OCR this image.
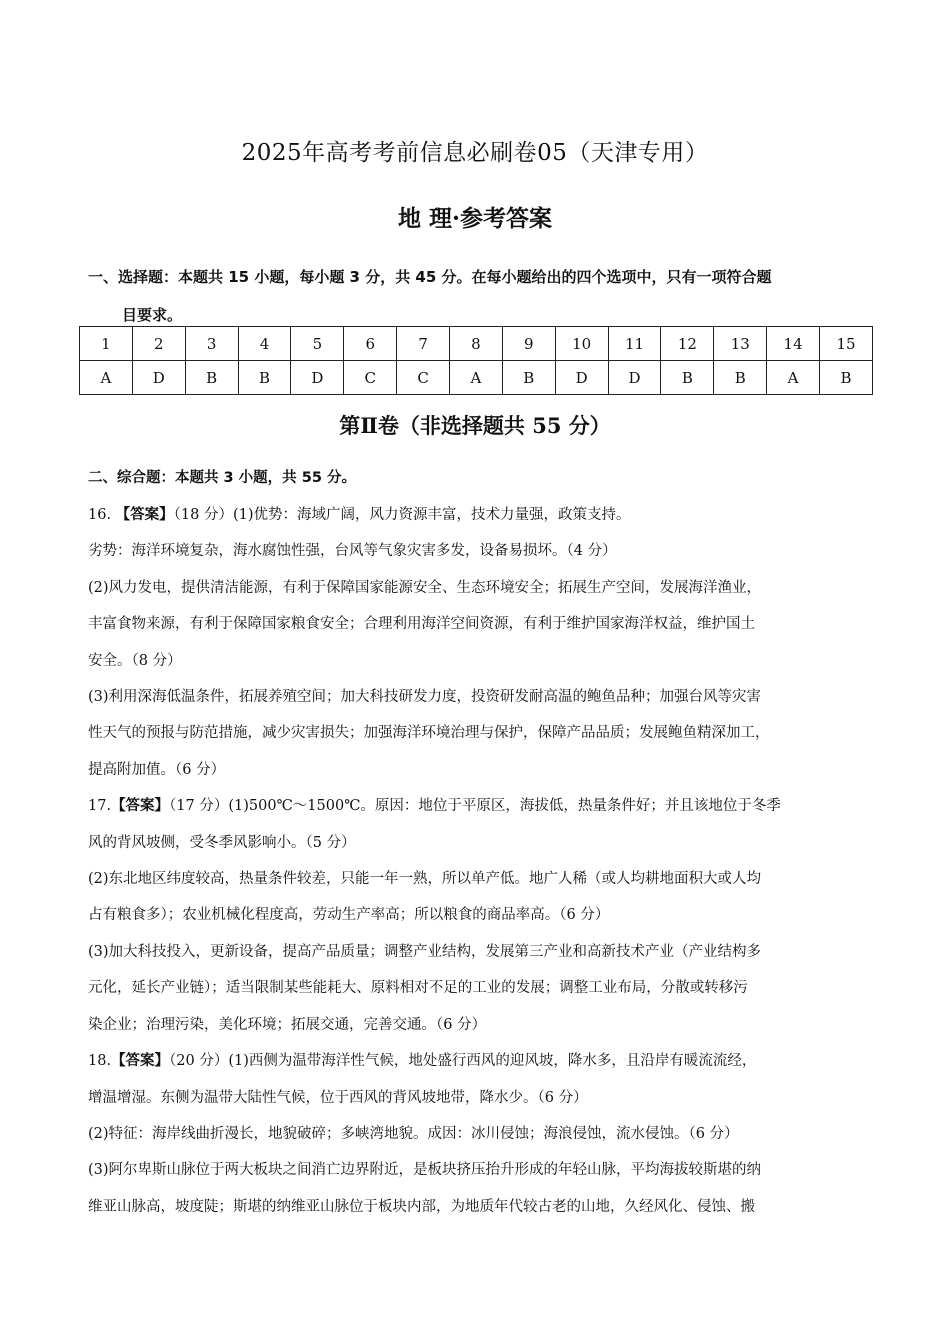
2025年高考考前信息必刷卷05（天津专用）
地 理·参考答案
一、选择题：本题共 15 小题，每小题 3 分，共 45 分。在每小题给出的四个选项中，只有一项符合题
目要求。
1	2	3	4	5	6	7	8	9	10	11	12	13	14	15
A	D	B	B	D	C	C	A	B	D	D	B	B	A	B
第Ⅱ卷（非选择题共 55 分）
二、综合题：本题共 3 小题，共 55 分。

16. 【答案】（18 分）(1)优势：海域广阔，风力资源丰富，技术力量强，政策支持。

劣势：海洋环境复杂，海水腐蚀性强，台风等气象灾害多发，设备易损坏。（4 分）

(2)风力发电，提供清洁能源，有利于保障国家能源安全、生态环境安全；拓展生产空间，发展海洋渔业，

丰富食物来源，有利于保障国家粮食安全；合理利用海洋空间资源，有利于维护国家海洋权益，维护国土

安全。（8 分）

(3)利用深海低温条件，拓展养殖空间；加大科技研发力度，投资研发耐高温的鲍鱼品种；加强台风等灾害

性天气的预报与防范措施，减少灾害损失；加强海洋环境治理与保护，保障产品品质；发展鲍鱼精深加工，

提高附加值。（6 分）

17.【答案】（17 分）(1)500℃～1500℃。原因：地位于平原区，海拔低，热量条件好；并且该地位于冬季

风的背风坡侧，受冬季风影响小。（5 分）

(2)东北地区纬度较高，热量条件较差，只能一年一熟，所以单产低。地广人稀（或人均耕地面积大或人均

占有粮食多）；农业机械化程度高，劳动生产率高；所以粮食的商品率高。（6 分）

(3)加大科技投入，更新设备，提高产品质量；调整产业结构，发展第三产业和高新技术产业（产业结构多

元化，延长产业链）；适当限制某些能耗大、原料相对不足的工业的发展；调整工业布局，分散或转移污

染企业；治理污染，美化环境；拓展交通，完善交通。（6 分）

18.【答案】（20 分）(1)西侧为温带海洋性气候，地处盛行西风的迎风坡，降水多，且沿岸有暖流流经，

增温增湿。东侧为温带大陆性气候，位于西风的背风坡地带，降水少。（6 分）

(2)特征：海岸线曲折漫长，地貌破碎；多峡湾地貌。成因：冰川侵蚀；海浪侵蚀，流水侵蚀。（6 分）

(3)阿尔卑斯山脉位于两大板块之间消亡边界附近，是板块挤压抬升形成的年轻山脉，平均海拔较斯堪的纳

维亚山脉高，坡度陡；斯堪的纳维亚山脉位于板块内部，为地质年代较古老的山地，久经风化、侵蚀、搬
